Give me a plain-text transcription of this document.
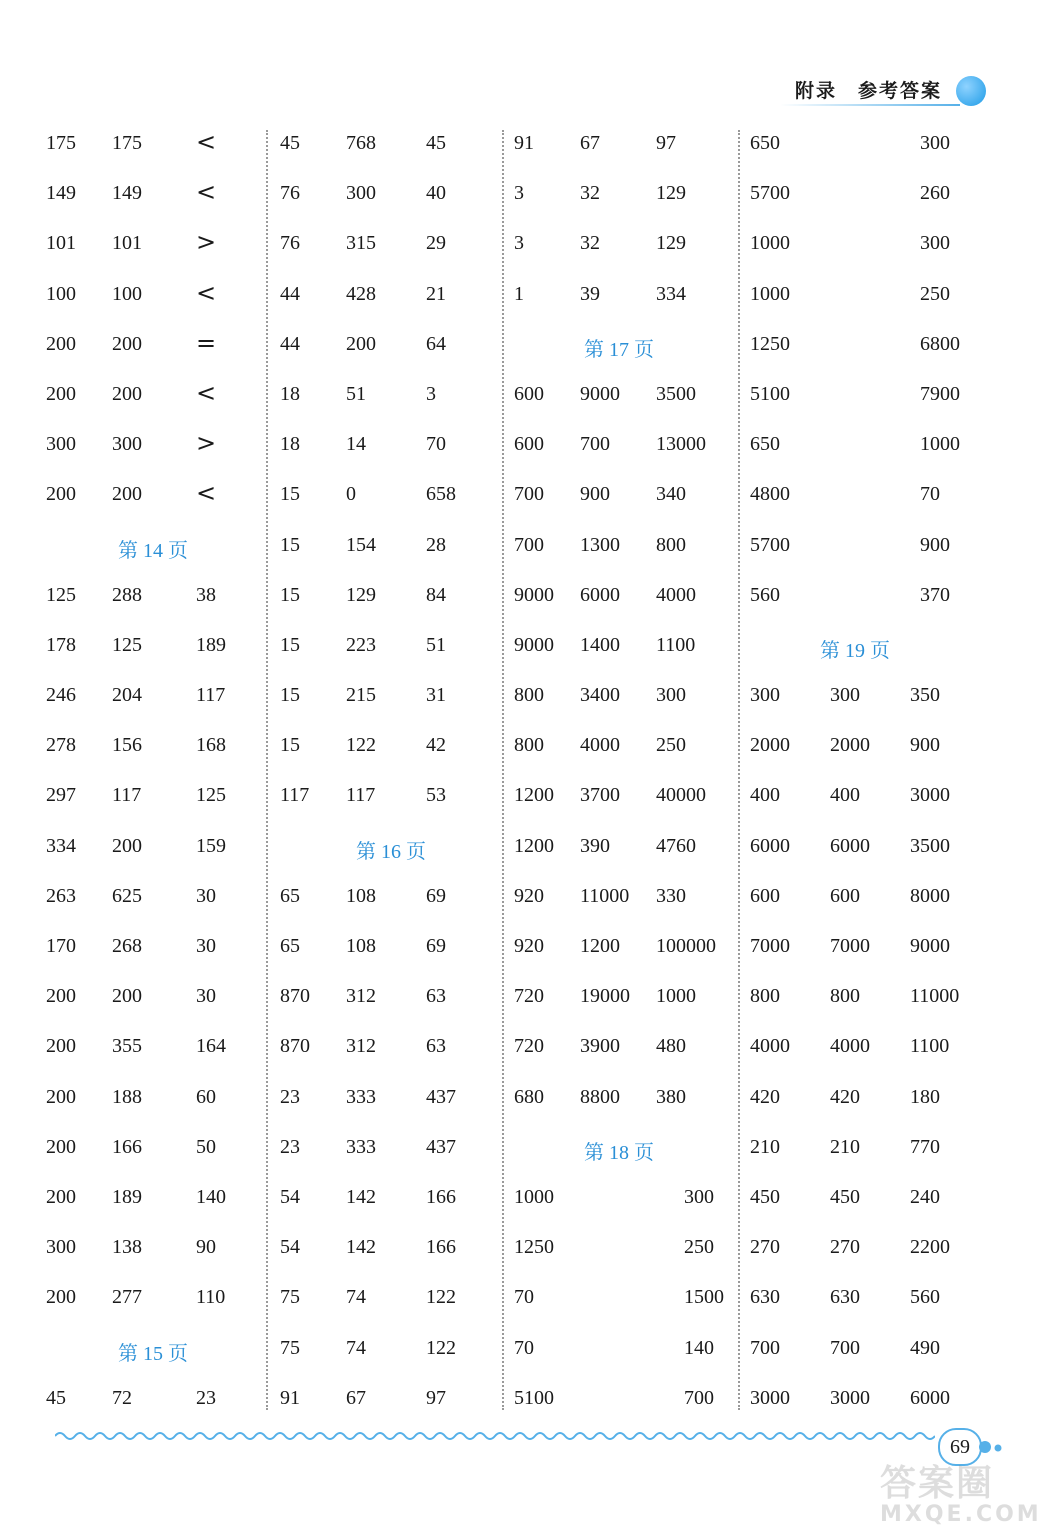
附录　参考答案
175 175 <
149 149 <
101 101 >
100 100 <
200 200 =
200 200 <
300 300 >
200 200 <
第 14 页
125 288	38
178 125	189
246 204	117
278 156	168
297 117	125
334 200	159
263 625	30
170 268	30
200 200	30
200 355	164
200 188	60
200 166	50
200 189	140
300 138	90
200 277	110
第 15 页
45 72	23
45 768	45
76 300	40
76 315	29
44 428	21
44 200	64
18 51	3
18 14	70
15 0	658
15 154	28
15 129	84
15 223	51
15 215	31
15 122	42
117 117	53
第 16 页
65 108	69
65 108	69
870 312	63
870 312	63
23 333	437
23 333	437
54 142	166
54 142	166
75 74	122
75 74	122
91 67	97
91 67	97
3	32	129
3	32	129
1	39	334
第 17 页
600 9000 3500
600 700 13000
700 900 340
700 1300 800
9000 6000 4000
9000 1400 1100
800 3400 300
800 4000 250
1200 3700 40000
1200 390 4760
920 11000 330
920 1200 100000
720 19000 1000
720 3900 480
680 8800 380
第 18 页
1000	300
1250	250
70	1500
70	140
5100	700
650	300
5700	260
1000	300
1000	250
1250	6800
5100	7900
650	1000
4800	70
5700	900
560	370
第 19 页
300	300	350
2000 2000 900
400	400	3000
6000 6000 3500
600	600	8000
7000 7000 9000
800	800	11000
4000 4000 1100
420	420	180
210	210	770
450	450	240
270	270	2200
630	630	560
700	700	490
3000 3000 6000
69
答案圈
MXQE.COM
